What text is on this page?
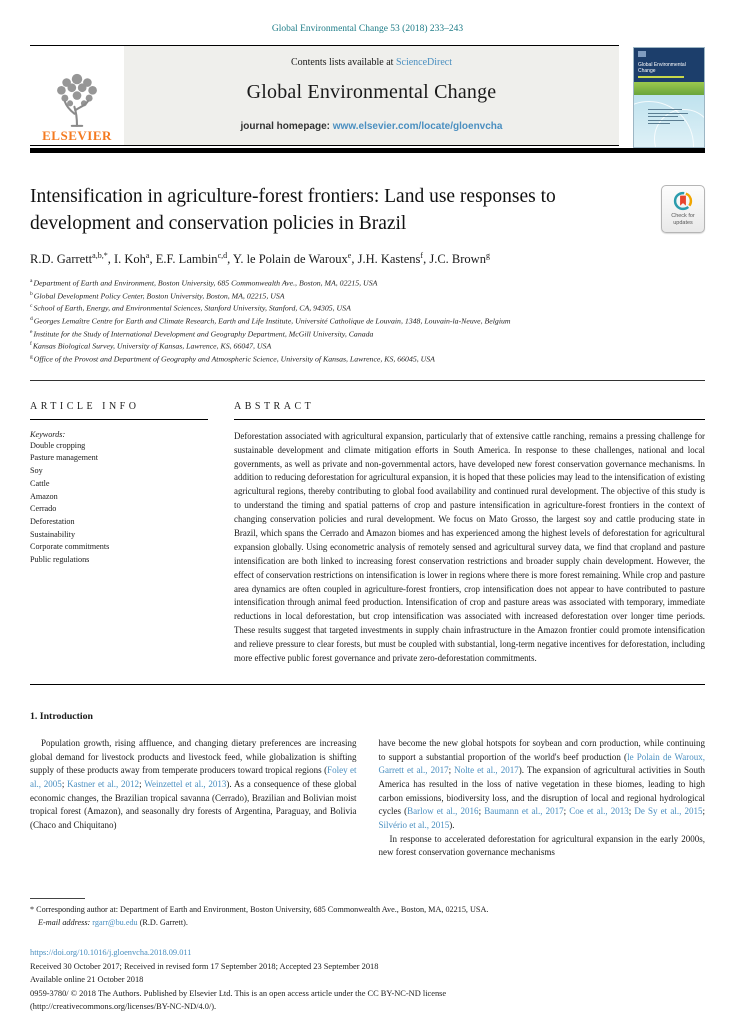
Global Environmental Change 53 (2018) 233–243
ELSEVIER
Contents lists available at ScienceDirect
Global Environmental Change
journal homepage: www.elsevier.com/locate/gloenvcha
Global Environmental Change
Intensification in agriculture-forest frontiers: Land use responses to development and conservation policies in Brazil	Check for
updates
R.D. Garrett$^{a,b,*}$, I. Koh$^a$, E.F. Lambin$^{c,d}$, Y. le Polain de Waroux$^e$, J.H. Kastens$^f$, J.C. Brown$^g$
$^a$Department of Earth and Environment, Boston University, 685 Commonwealth Ave., Boston, MA, 02215, USA
$^b$Global Development Policy Center, Boston University, Boston, MA, 02215, USA
$^c$School of Earth, Energy, and Environmental Sciences, Stanford University, Stanford, CA, 94305, USA
$^d$Georges Lemaître Centre for Earth and Climate Research, Earth and Life Institute, Université Catholique de Louvain, 1348, Louvain-la-Neuve, Belgium
$^e$Institute for the Study of International Development and Geography Department, McGill University, Canada
$^f$Kansas Biological Survey, University of Kansas, Lawrence, KS, 66047, USA
$^g$Office of the Provost and Department of Geography and Atmospheric Science, University of Kansas, Lawrence, KS, 66045, USA
ARTICLE INFO
Keywords:
Double cropping
Pasture management
Soy
Cattle
Amazon
Cerrado
Deforestation
Sustainability
Corporate commitments
Public regulations
ABSTRACT
Deforestation associated with agricultural expansion, particularly that of extensive cattle ranching, remains a pressing challenge for sustainable development and climate mitigation efforts in South America. In response to these challenges, national and local governments, as well as private and non-governmental actors, have developed new forest conservation governance mechanisms. In addition to reducing deforestation for agricultural expansion, it is hoped that these policies may lead to the intensification of existing agricultural regions, thereby contributing to global food availability and continued rural development. The objective of this study is to understand the timing and spatial patterns of crop and pasture intensification in agriculture-forest frontiers in the context of changing conservation policies and rural development. We focus on Mato Grosso, the largest soy and cattle producing state in Brazil, which spans the Cerrado and Amazon biomes and has experienced among the highest levels of deforestation for agricultural expansion globally. Using econometric analysis of remotely sensed and agricultural survey data, we find that cropland and pasture intensification are both linked to increasing forest conservation restrictions and broader supply chain development. However, the effect of conservation restrictions on intensification is lower in regions where there is more forest remaining. While crop and pasture area dynamics are often coupled in agriculture-forest frontiers, crop intensification does not appear to have contributed to pasture intensification through animal feed production. Intensification of crop and pasture areas was associated with temporary, immediate reductions in local deforestation, but crop intensification was associated with increased deforestation over longer time periods. These results suggest that targeted investments in supply chain infrastructure in the Amazon frontier could promote intensification and relieve pressure to clear forests, but must be coupled with substantial, long-term negative incentives for deforestation, including more effective public forest governance and private zero-deforestation commitments.
1. Introduction

Population growth, rising affluence, and changing dietary preferences are increasing global demand for livestock products and livestock feed, while globalization is shifting supply of these products away from temperate producers toward tropical regions (Foley et al., 2005; Kastner et al., 2012; Weinzettel et al., 2013). As a consequence of these global economic changes, the Brazilian tropical savanna (Cerrado), Brazilian and Bolivian moist tropical forest (Amazon), and seasonally dry forests of Argentina, Paraguay, and Bolivia (Chaco and Chiquitano)

have become the new global hotspots for soybean and corn production, while continuing to support a substantial proportion of the world's beef production (le Polain de Waroux, Garrett et al., 2017; Nolte et al., 2017). The expansion of agricultural activities in South America has resulted in the loss of native vegetation in these biomes, leading to high carbon emissions, biodiversity loss, and the disruption of local and regional hydrological cycles (Barlow et al., 2016; Baumann et al., 2017; Coe et al., 2013; De Sy et al., 2015; Silvério et al., 2015).

In response to accelerated deforestation for agricultural expansion in the early 2000s, new forest conservation governance mechanisms

* Corresponding author at: Department of Earth and Environment, Boston University, 685 Commonwealth Ave., Boston, MA, 02215, USA.
E-mail address: rgarr@bu.edu (R.D. Garrett).
https://doi.org/10.1016/j.gloenvcha.2018.09.011
Received 30 October 2017; Received in revised form 17 September 2018; Accepted 23 September 2018
Available online 21 October 2018
0959-3780/ © 2018 The Authors. Published by Elsevier Ltd. This is an open access article under the CC BY-NC-ND license
(http://creativecommons.org/licenses/BY-NC-ND/4.0/).
